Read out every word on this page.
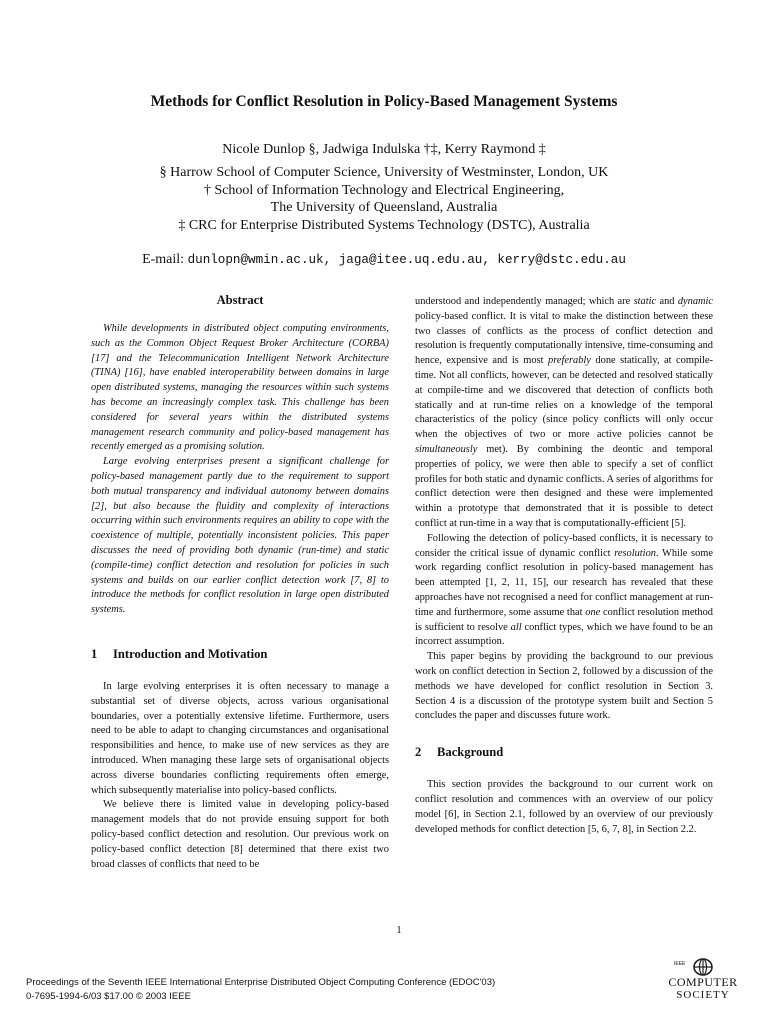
Methods for Conflict Resolution in Policy-Based Management Systems
Nicole Dunlop §, Jadwiga Indulska †‡, Kerry Raymond ‡
§ Harrow School of Computer Science, University of Westminster, London, UK
† School of Information Technology and Electrical Engineering,
The University of Queensland, Australia
‡ CRC for Enterprise Distributed Systems Technology (DSTC), Australia
E-mail: dunlopn@wmin.ac.uk, jaga@itee.uq.edu.au, kerry@dstc.edu.au
Abstract

While developments in distributed object computing environments, such as the Common Object Request Broker Architecture (CORBA) [17] and the Telecommunication Intelligent Network Architecture (TINA) [16], have enabled interoperability between domains in large open distributed systems, managing the resources within such systems has become an increasingly complex task. This challenge has been considered for several years within the distributed systems management research community and policy-based management has recently emerged as a promising solution.

Large evolving enterprises present a significant challenge for policy-based management partly due to the requirement to support both mutual transparency and individual autonomy between domains [2], but also because the fluidity and complexity of interactions occurring within such environments requires an ability to cope with the coexistence of multiple, potentially inconsistent policies. This paper discusses the need of providing both dynamic (run-time) and static (compile-time) conflict detection and resolution for policies in such systems and builds on our earlier conflict detection work [7, 8] to introduce the methods for conflict resolution in large open distributed systems.

1 Introduction and Motivation

In large evolving enterprises it is often necessary to manage a substantial set of diverse objects, across various organisational boundaries, over a potentially extensive lifetime. Furthermore, users need to be able to adapt to changing circumstances and organisational responsibilities and hence, to make use of new services as they are introduced. When managing these large sets of organisational objects across diverse boundaries conflicting requirements often emerge, which subsequently materialise into policy-based conflicts.

We believe there is limited value in developing policy-based management models that do not provide ensuing support for both policy-based conflict detection and resolution. Our previous work on policy-based conflict detection [8] determined that there exist two broad classes of conflicts that need to be

understood and independently managed; which are static and dynamic policy-based conflict. It is vital to make the distinction between these two classes of conflicts as the process of conflict detection and resolution is frequently computationally intensive, time-consuming and hence, expensive and is most preferably done statically, at compile-time. Not all conflicts, however, can be detected and resolved statically at compile-time and we discovered that detection of conflicts both statically and at run-time relies on a knowledge of the temporal characteristics of the policy (since policy conflicts will only occur when the objectives of two or more active policies cannot be simultaneously met). By combining the deontic and temporal properties of policy, we were then able to specify a set of conflict profiles for both static and dynamic conflicts. A series of algorithms for conflict detection were then designed and these were implemented within a prototype that demonstrated that it is possible to detect conflict at run-time in a way that is computationally-efficient [5].

Following the detection of policy-based conflicts, it is necessary to consider the critical issue of dynamic conflict resolution. While some work regarding conflict resolution in policy-based management has been attempted [1, 2, 11, 15], our research has revealed that these approaches have not recognised a need for conflict management at run-time and furthermore, some assume that one conflict resolution method is sufficient to resolve all conflict types, which we have found to be an incorrect assumption.

This paper begins by providing the background to our previous work on conflict detection in Section 2, followed by a discussion of the methods we have developed for conflict resolution in Section 3. Section 4 is a discussion of the prototype system built and Section 5 concludes the paper and discusses future work.

2 Background

This section provides the background to our current work on conflict resolution and commences with an overview of our policy model [6], in Section 2.1, followed by an overview of our previously developed methods for conflict detection [5, 6, 7, 8], in Section 2.2.

1
Proceedings of the Seventh IEEE International Enterprise Distributed Object Computing Conference (EDOC'03)
0-7695-1994-6/03 $17.00 © 2003 IEEE
IEEE
COMPUTER
SOCIETY
